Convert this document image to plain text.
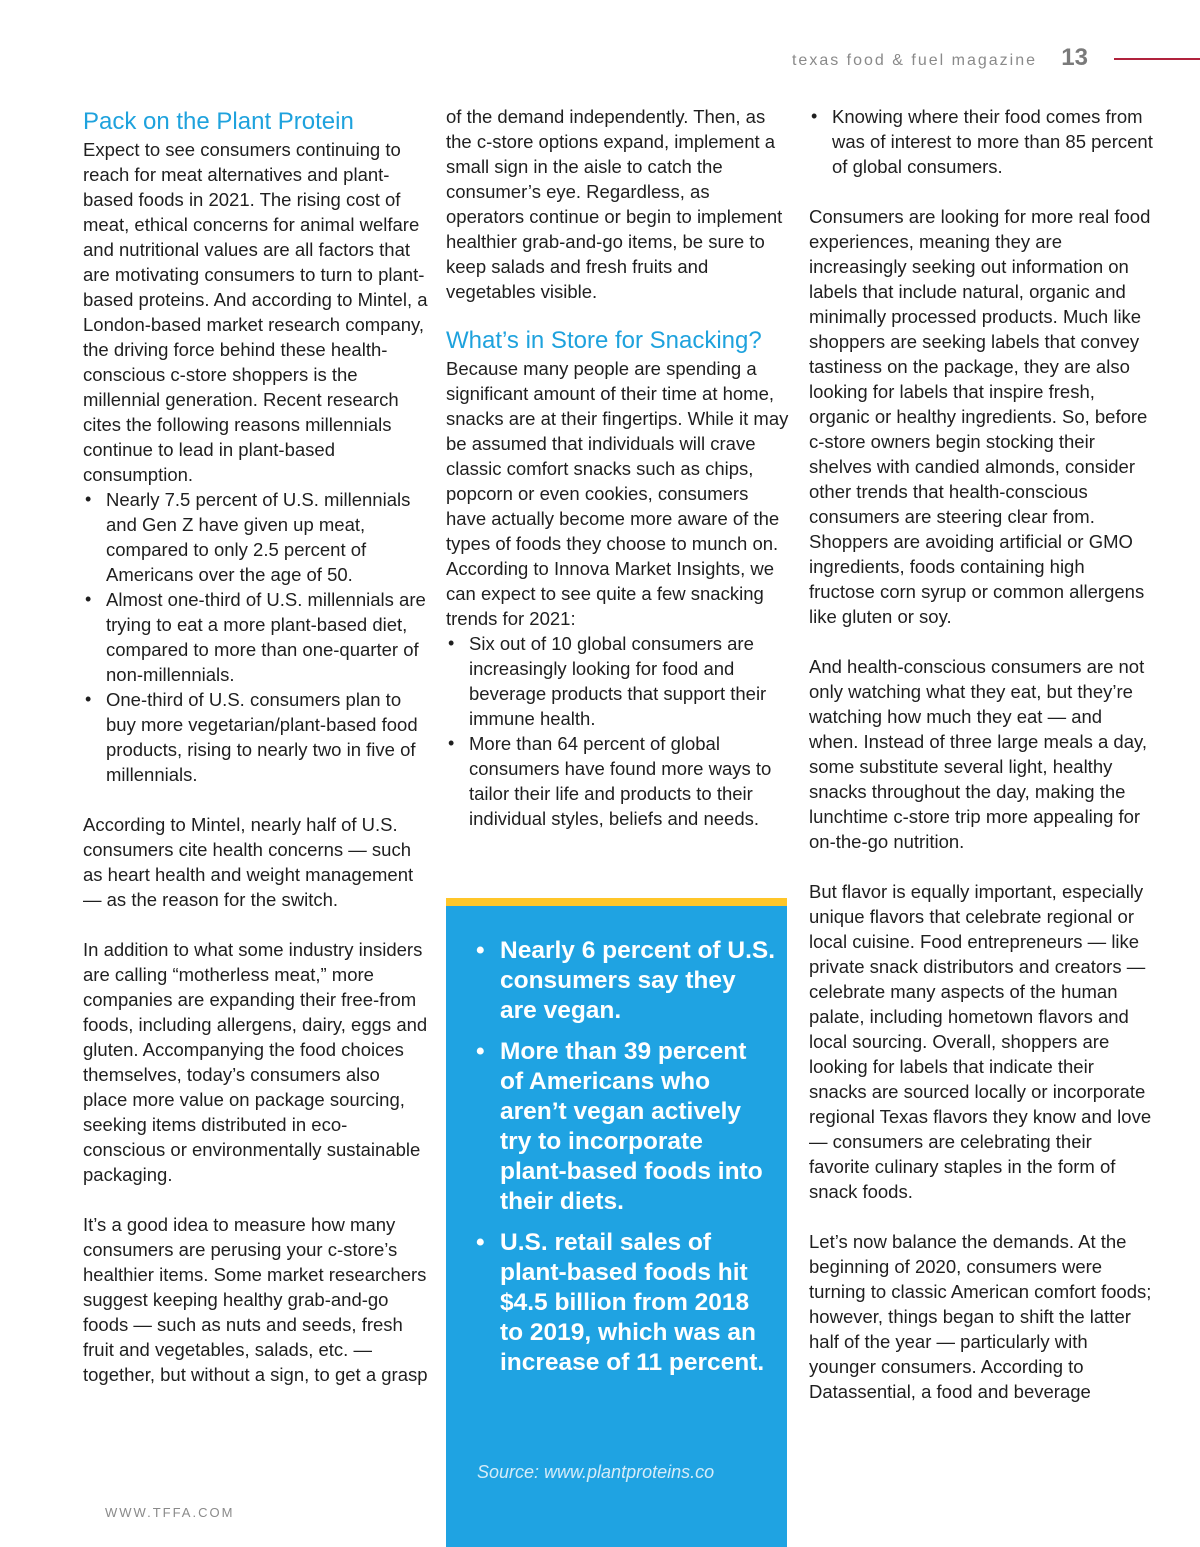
texas food & fuel magazine 13
Pack on the Plant Protein

Expect to see consumers continuing to reach for meat alternatives and plant-based foods in 2021. The rising cost of meat, ethical concerns for animal welfare and nutritional values are all factors that are motivating consumers to turn to plant-based proteins. And according to Mintel, a London-based market research company, the driving force behind these health-conscious c-store shoppers is the millennial generation. Recent research cites the following reasons millennials continue to lead in plant-based consumption.

• Nearly 7.5 percent of U.S. millennials and Gen Z have given up meat, compared to only 2.5 percent of Americans over the age of 50.
• Almost one-third of U.S. millennials are trying to eat a more plant-based diet, compared to more than one-quarter of non-millennials.
• One-third of U.S. consumers plan to buy more vegetarian/plant-based food products, rising to nearly two in five of millennials.

According to Mintel, nearly half of U.S. consumers cite health concerns — such as heart health and weight management — as the reason for the switch.

In addition to what some industry insiders are calling “motherless meat,” more companies are expanding their free-from foods, including allergens, dairy, eggs and gluten. Accompanying the food choices themselves, today’s consumers also place more value on package sourcing, seeking items distributed in eco-conscious or environmentally sustainable packaging.

It’s a good idea to measure how many consumers are perusing your c-store’s healthier items. Some market researchers suggest keeping healthy grab-and-go foods — such as nuts and seeds, fresh fruit and vegetables, salads, etc. — together, but without a sign, to get a grasp

of the demand independently. Then, as the c-store options expand, implement a small sign in the aisle to catch the consumer’s eye. Regardless, as operators continue or begin to implement healthier grab-and-go items, be sure to keep salads and fresh fruits and vegetables visible.

What’s in Store for Snacking?

Because many people are spending a significant amount of their time at home, snacks are at their fingertips. While it may be assumed that individuals will crave classic comfort snacks such as chips, popcorn or even cookies, consumers have actually become more aware of the types of foods they choose to munch on. According to Innova Market Insights, we can expect to see quite a few snacking trends for 2021:

• Six out of 10 global consumers are increasingly looking for food and beverage products that support their immune health.
• More than 64 percent of global consumers have found more ways to tailor their life and products to their individual styles, beliefs and needs.
• Nearly 6 percent of U.S. consumers say they are vegan.
• More than 39 percent of Americans who aren’t vegan actively try to incorporate plant-based foods into their diets.
• U.S. retail sales of plant-based foods hit $4.5 billion from 2018 to 2019, which was an increase of 11 percent.
Source: www.plantproteins.co
• Knowing where their food comes from was of interest to more than 85 percent of global consumers.

Consumers are looking for more real food experiences, meaning they are increasingly seeking out information on labels that include natural, organic and minimally processed products. Much like shoppers are seeking labels that convey tastiness on the package, they are also looking for labels that inspire fresh, organic or healthy ingredients. So, before c-store owners begin stocking their shelves with candied almonds, consider other trends that health-conscious consumers are steering clear from. Shoppers are avoiding artificial or GMO ingredients, foods containing high fructose corn syrup or common allergens like gluten or soy.

And health-conscious consumers are not only watching what they eat, but they’re watching how much they eat — and when. Instead of three large meals a day, some substitute several light, healthy snacks throughout the day, making the lunchtime c-store trip more appealing for on-the-go nutrition.

But flavor is equally important, especially unique flavors that celebrate regional or local cuisine. Food entrepreneurs — like private snack distributors and creators — celebrate many aspects of the human palate, including hometown flavors and local sourcing. Overall, shoppers are looking for labels that indicate their snacks are sourced locally or incorporate regional Texas flavors they know and love — consumers are celebrating their favorite culinary staples in the form of snack foods.

Let’s now balance the demands. At the beginning of 2020, consumers were turning to classic American comfort foods; however, things began to shift the latter half of the year — particularly with younger consumers. According to Datassential, a food and beverage

WWW.TFFA.COM
